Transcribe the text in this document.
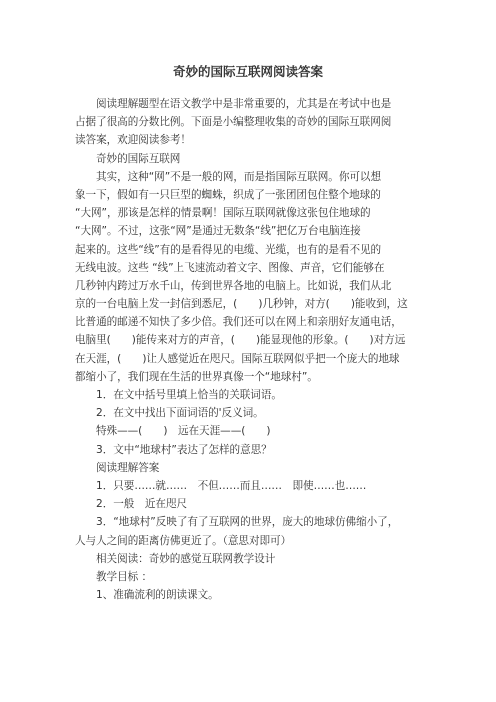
奇妙的国际互联网阅读答案
阅读理解题型在语文教学中是非常重要的，尤其是在考试中也是
占据了很高的分数比例。下面是小编整理收集的奇妙的国际互联网阅
读答案，欢迎阅读参考！
奇妙的国际互联网
其实，这种“网”不是一般的网，而是指国际互联网。你可以想
象一下，假如有一只巨型的蜘蛛，织成了一张团团包住整个地球的
“大网”，那该是怎样的情景啊！国际互联网就像这张包住地球的
“大网”。不过，这张“网”是通过无数条“线”把亿万台电脑连接
起来的。这些“线”有的是看得见的电缆、光缆，也有的是看不见的
无线电波。这些 “线”上飞速流动着文字、图像、声音，它们能够在
几秒钟内跨过万水千山，传到世界各地的电脑上。比如说，我们从北
京的一台电脑上发一封信到悉尼，(　　)几秒钟，对方(　　)能收到，这
比普通的邮递不知快了多少倍。我们还可以在网上和亲朋好友通电话，
电脑里(　　)能传来对方的声音，(　　)能显现他的形象。(　　)对方远
在天涯，(　　)让人感觉近在咫尺。国际互联网似乎把一个庞大的地球
都缩小了，我们现在生活的世界真像一个“地球村”。
1．在文中括号里填上恰当的关联词语。
2．在文中找出下面词语的'反义词。
特殊——(　　)　远在天涯——(　　)
3．文中“地球村”表达了怎样的意思？
阅读理解答案
1．只要……就……　不但……而且……　即使……也……
2．一般　近在咫尺
3．“地球村”反映了有了互联网的世界，庞大的地球仿佛缩小了，
人与人之间的距离仿佛更近了。（意思对即可）
相关阅读：奇妙的感觉互联网教学设计
教学目标 ：
1、准确流利的朗读课文。
